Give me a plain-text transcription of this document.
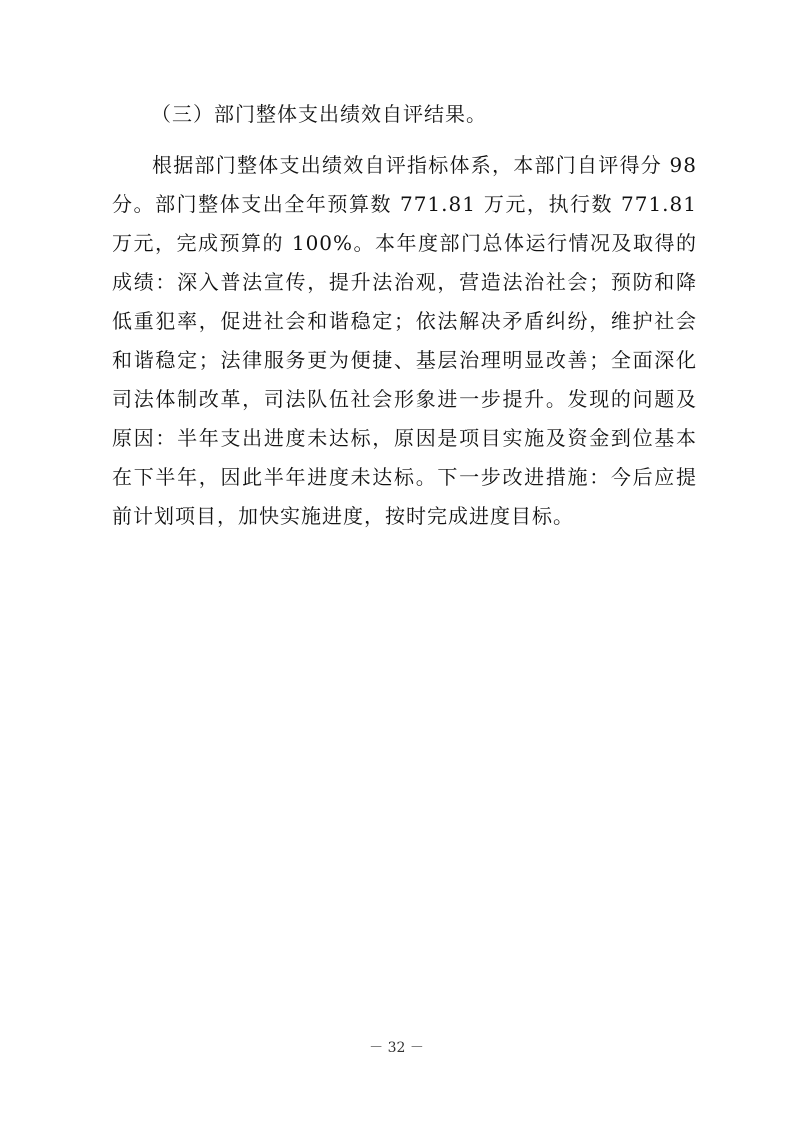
（三）部门整体支出绩效自评结果。

根据部门整体支出绩效自评指标体系，本部门自评得分 98 分。部门整体支出全年预算数 771.81 万元，执行数 771.81 万元，完成预算的 100%。本年度部门总体运行情况及取得的成绩：深入普法宣传，提升法治观，营造法治社会；预防和降低重犯率，促进社会和谐稳定；依法解决矛盾纠纷，维护社会和谐稳定；法律服务更为便捷、基层治理明显改善；全面深化司法体制改革，司法队伍社会形象进一步提升。发现的问题及原因：半年支出进度未达标，原因是项目实施及资金到位基本在下半年，因此半年进度未达标。下一步改进措施：今后应提前计划项目，加快实施进度，按时完成进度目标。

－ 32 －
